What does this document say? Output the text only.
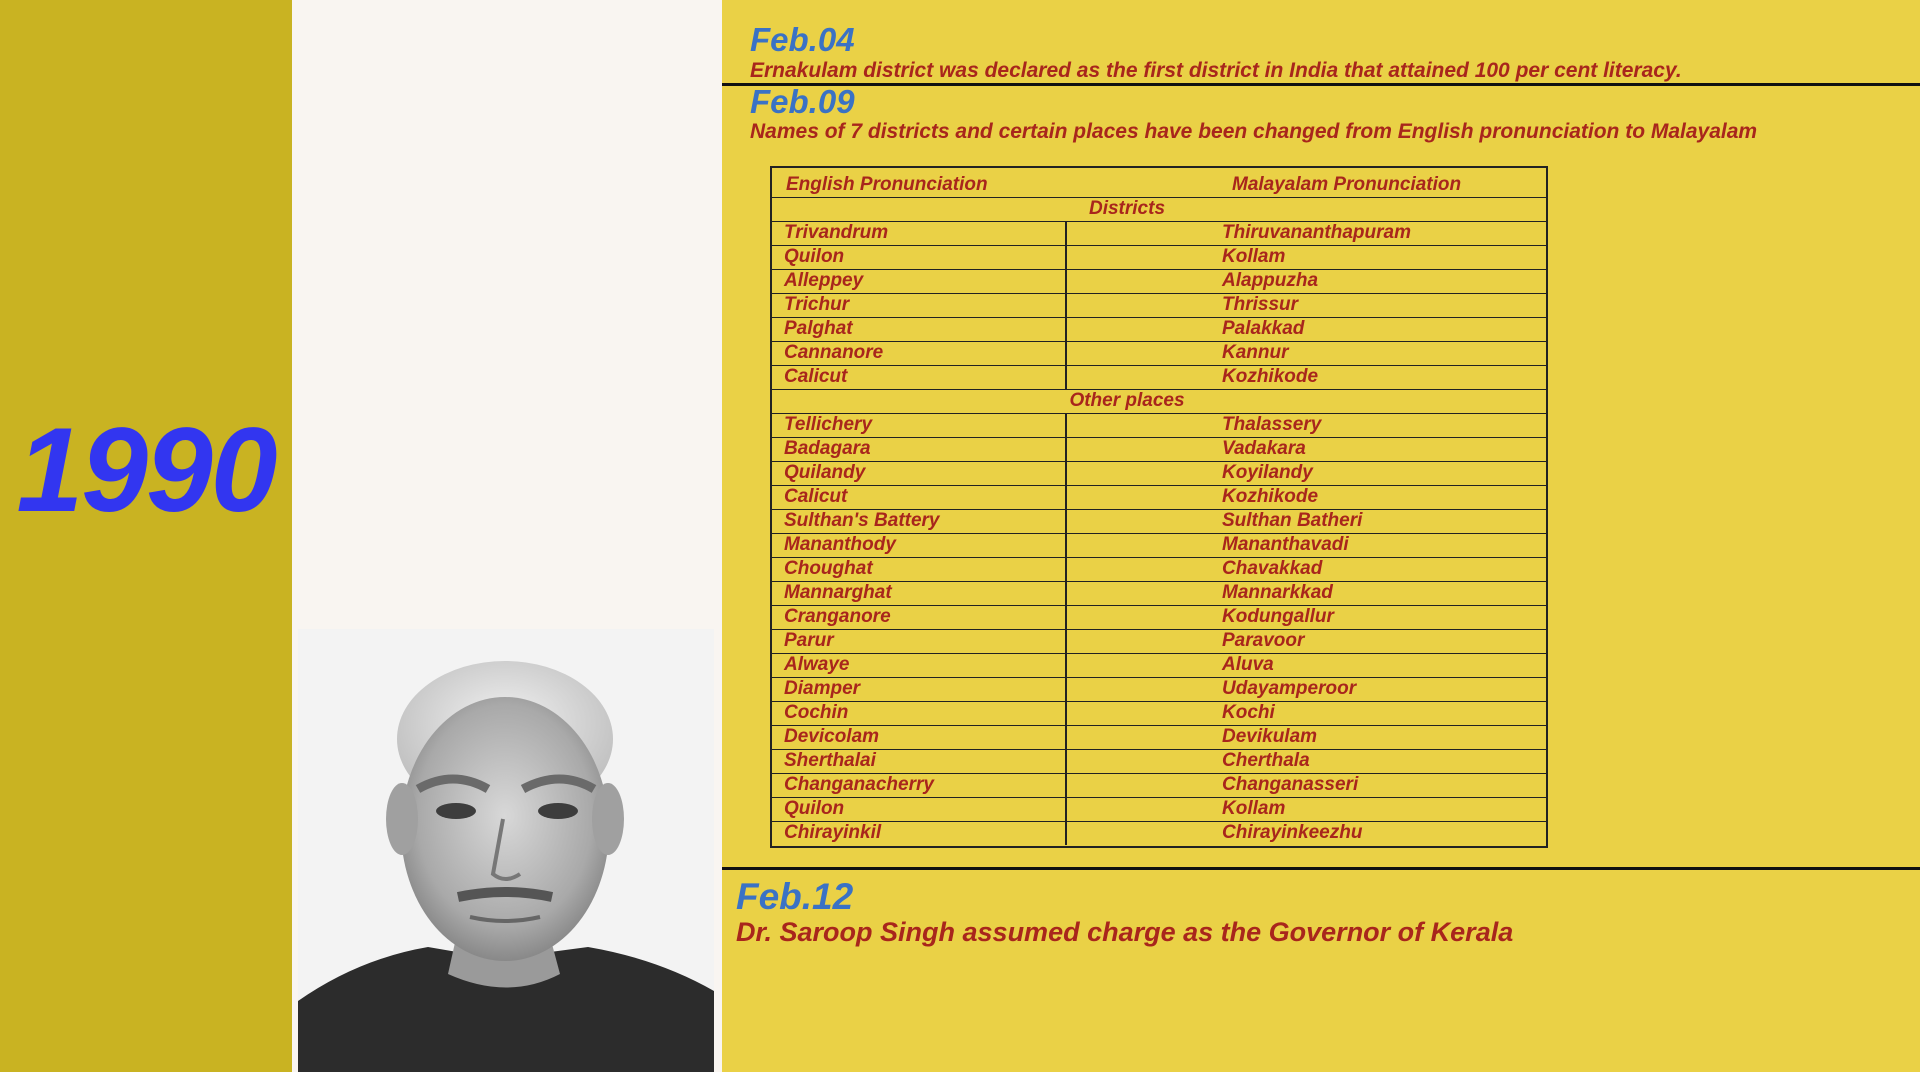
1990
Feb.04
Ernakulam district was declared as the first district in India that attained 100 per cent literacy.
Feb.09
Names of 7 districts and certain places have been changed from English pronunciation to Malayalam
English Pronunciation	Malayalam Pronunciation
Districts
Trivandrum	Thiruvananthapuram
Quilon	Kollam
Alleppey	Alappuzha
Trichur	Thrissur
Palghat	Palakkad
Cannanore	Kannur
Calicut	Kozhikode
Other places
Tellichery	Thalassery
Badagara	Vadakara
Quilandy	Koyilandy
Calicut	Kozhikode
Sulthan's Battery	Sulthan Batheri
Mananthody	Mananthavadi
Choughat	Chavakkad
Mannarghat	Mannarkkad
Cranganore	Kodungallur
Parur	Paravoor
Alwaye	Aluva
Diamper	Udayamperoor
Cochin	Kochi
Devicolam	Devikulam
Sherthalai	Cherthala
Changanacherry	Changanasseri
Quilon	Kollam
Chirayinkil	Chirayinkeezhu
Feb.12
Dr. Saroop Singh assumed charge as the Governor of Kerala
